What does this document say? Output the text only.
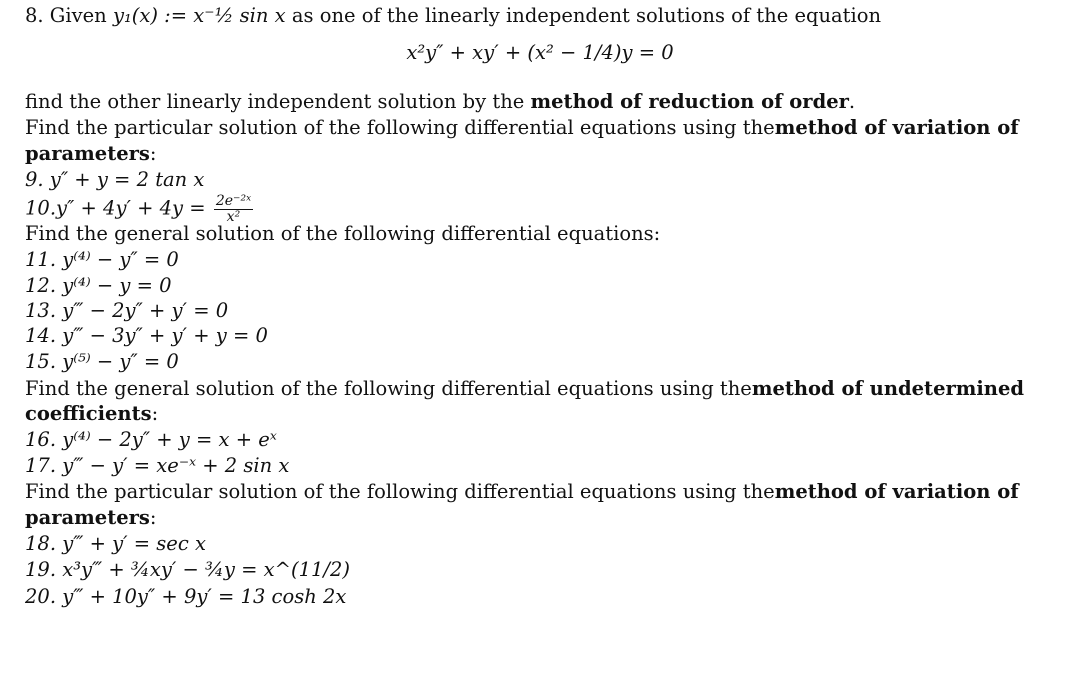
8. Given y₁(x) := x⁻½ sin x as one of the linearly independent solutions of the equation
x²y″ + xy′ + (x² − 1/4)y = 0
find the other linearly independent solution by the method of reduction of order.
Find the particular solution of the following differential equations using the method of variation of
parameters:
9. y″ + y = 2 tan x
$10.y'' + 4y' + 4y = \frac{\text{2e⁻²ˣ}}{\text{x²}}$
Find the general solution of the following differential equations:
11. y⁽⁴⁾ − y″ = 0
12. y⁽⁴⁾ − y = 0
13. y‴ − 2y″ + y′ = 0
14. y‴ − 3y″ + y′ + y = 0
15. y⁽⁵⁾ − y″ = 0
Find the general solution of the following differential equations using the method of undetermined
coefficients:
16. y⁽⁴⁾ − 2y″ + y = x + eˣ
17. y‴ − y′ = xe⁻ˣ + 2 sin x
Find the particular solution of the following differential equations using the method of variation of
parameters:
18. y‴ + y′ = sec x
19. x³y‴ + ¾xy′ − ¾y = x^(11/2)
20. y‴ + 10y″ + 9y′ = 13 cosh 2x
